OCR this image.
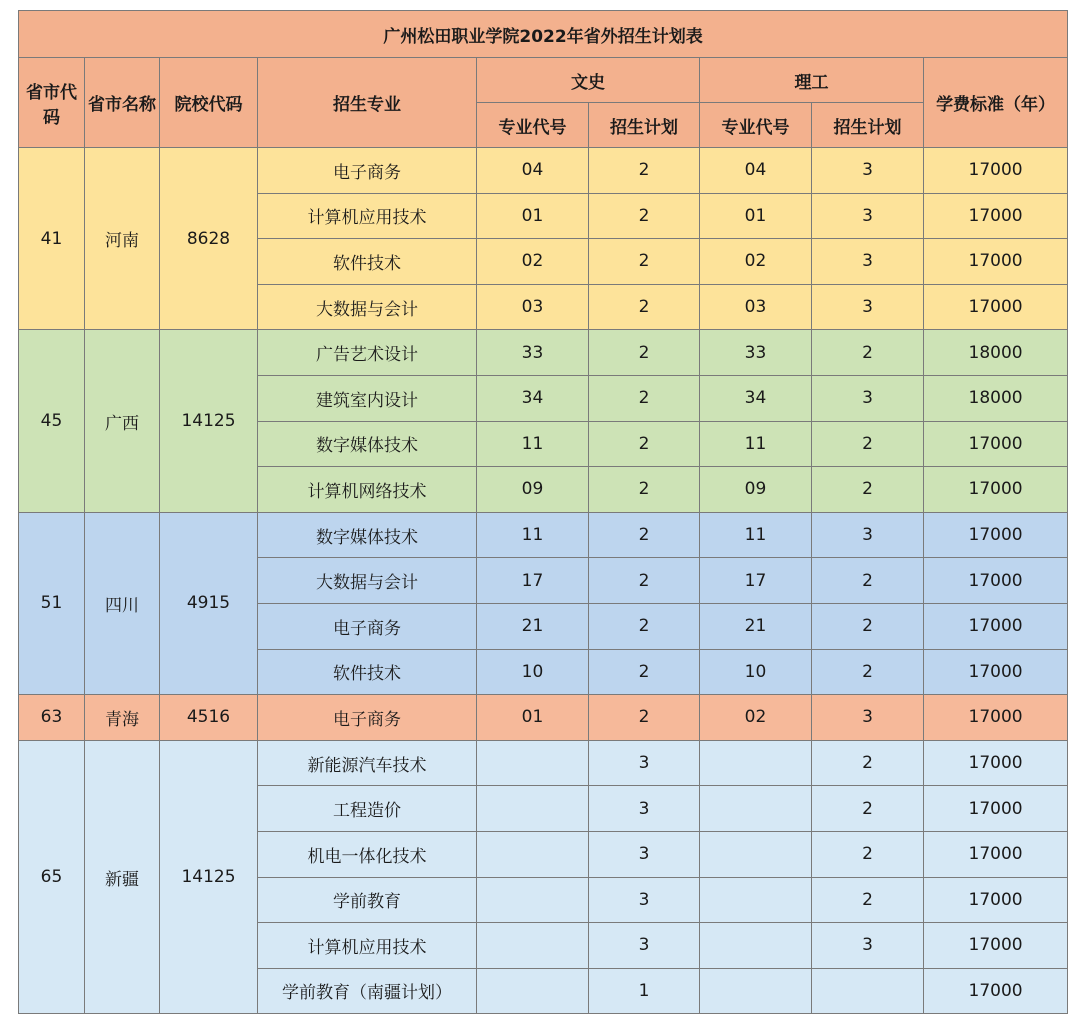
广州松田职业学院2022年省外招生计划表								
省市代码	省市名称	院校代码	招生专业	文史		理工		学费标准（年）
				专业代号	招生计划	专业代号	招生计划	
41	河南	8628	电子商务	04	2	04	3	17000
			计算机应用技术	01	2	01	3	17000
			软件技术	02	2	02	3	17000
			大数据与会计	03	2	03	3	17000
45	广西	14125	广告艺术设计	33	2	33	2	18000
			建筑室内设计	34	2	34	3	18000
			数字媒体技术	11	2	11	2	17000
			计算机网络技术	09	2	09	2	17000
51	四川	4915	数字媒体技术	11	2	11	3	17000
			大数据与会计	17	2	17	2	17000
			电子商务	21	2	21	2	17000
			软件技术	10	2	10	2	17000
63	青海	4516	电子商务	01	2	02	3	17000
65	新疆	14125	新能源汽车技术		3		2	17000
			工程造价		3		2	17000
			机电一体化技术		3		2	17000
			学前教育		3		2	17000
			计算机应用技术		3		3	17000
			学前教育（南疆计划）		1			17000
